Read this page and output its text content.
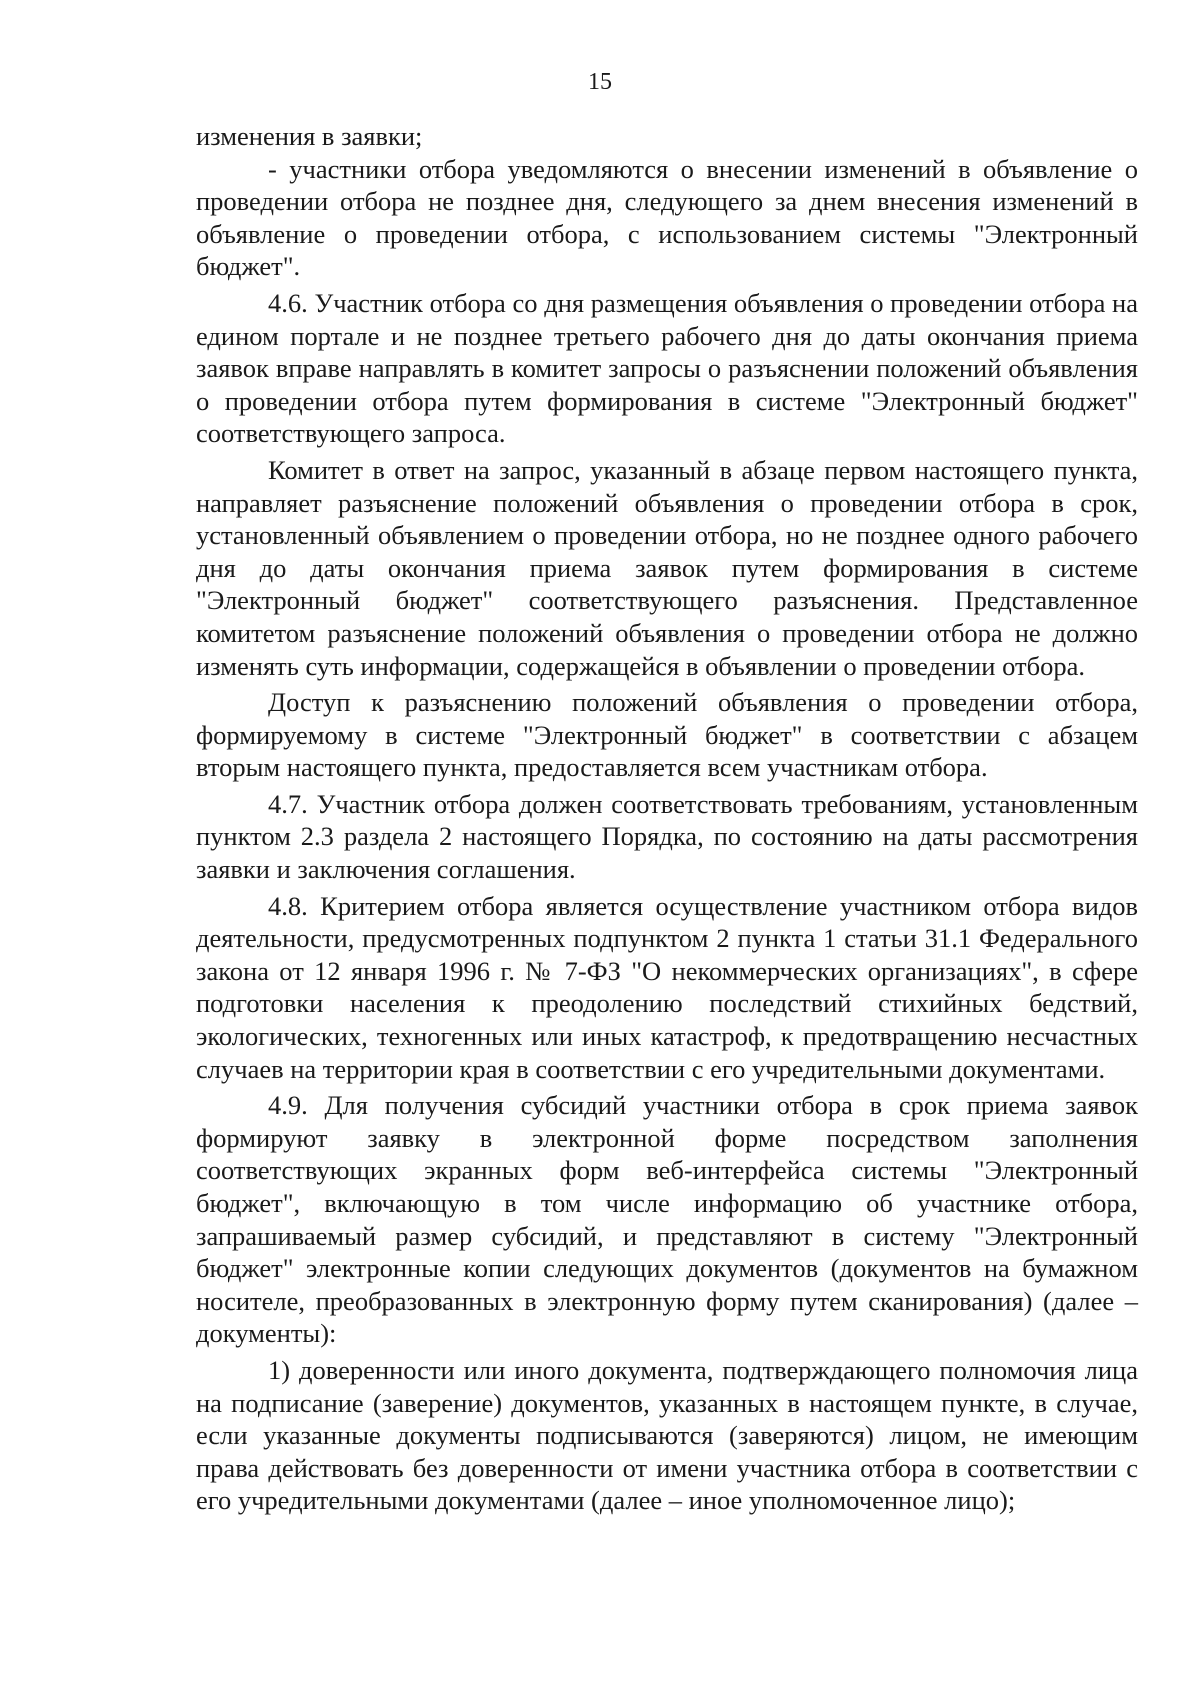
15

изменения в заявки;

- участники отбора уведомляются о внесении изменений в объявление о проведении отбора не позднее дня, следующего за днем внесения изменений в объявление о проведении отбора, с использованием системы "Электронный бюджет".

4.6. Участник отбора со дня размещения объявления о проведении отбора на едином портале и не позднее третьего рабочего дня до даты окончания приема заявок вправе направлять в комитет запросы о разъяснении положений объявления о проведении отбора путем формирования в системе "Электронный бюджет" соответствующего запроса.

Комитет в ответ на запрос, указанный в абзаце первом настоящего пункта, направляет разъяснение положений объявления о проведении отбора в срок, установленный объявлением о проведении отбора, но не позднее одного рабочего дня до даты окончания приема заявок путем формирования в системе "Электронный бюджет" соответствующего разъяснения. Представленное комитетом разъяснение положений объявления о проведении отбора не должно изменять суть информации, содержащейся в объявлении о проведении отбора.

Доступ к разъяснению положений объявления о проведении отбора, формируемому в системе "Электронный бюджет" в соответствии с абзацем вторым настоящего пункта, предоставляется всем участникам отбора.

4.7. Участник отбора должен соответствовать требованиям, установленным пунктом 2.3 раздела 2 настоящего Порядка, по состоянию на даты рассмотрения заявки и заключения соглашения.

4.8. Критерием отбора является осуществление участником отбора видов деятельности, предусмотренных подпунктом 2 пункта 1 статьи 31.1 Федерального закона от 12 января 1996 г. № 7-ФЗ "О некоммерческих организациях", в сфере подготовки населения к преодолению последствий стихийных бедствий, экологических, техногенных или иных катастроф, к предотвращению несчастных случаев на территории края в соответствии с его учредительными документами.

4.9. Для получения субсидий участники отбора в срок приема заявок формируют заявку в электронной форме посредством заполнения соответствующих экранных форм веб-интерфейса системы "Электронный бюджет", включающую в том числе информацию об участнике отбора, запрашиваемый размер субсидий, и представляют в систему "Электронный бюджет" электронные копии следующих документов (документов на бумажном носителе, преобразованных в электронную форму путем сканирования) (далее – документы):

1) доверенности или иного документа, подтверждающего полномочия лица на подписание (заверение) документов, указанных в настоящем пункте, в случае, если указанные документы подписываются (заверяются) лицом, не имеющим права действовать без доверенности от имени участника отбора в соответствии с его учредительными документами (далее – иное уполномоченное лицо);
